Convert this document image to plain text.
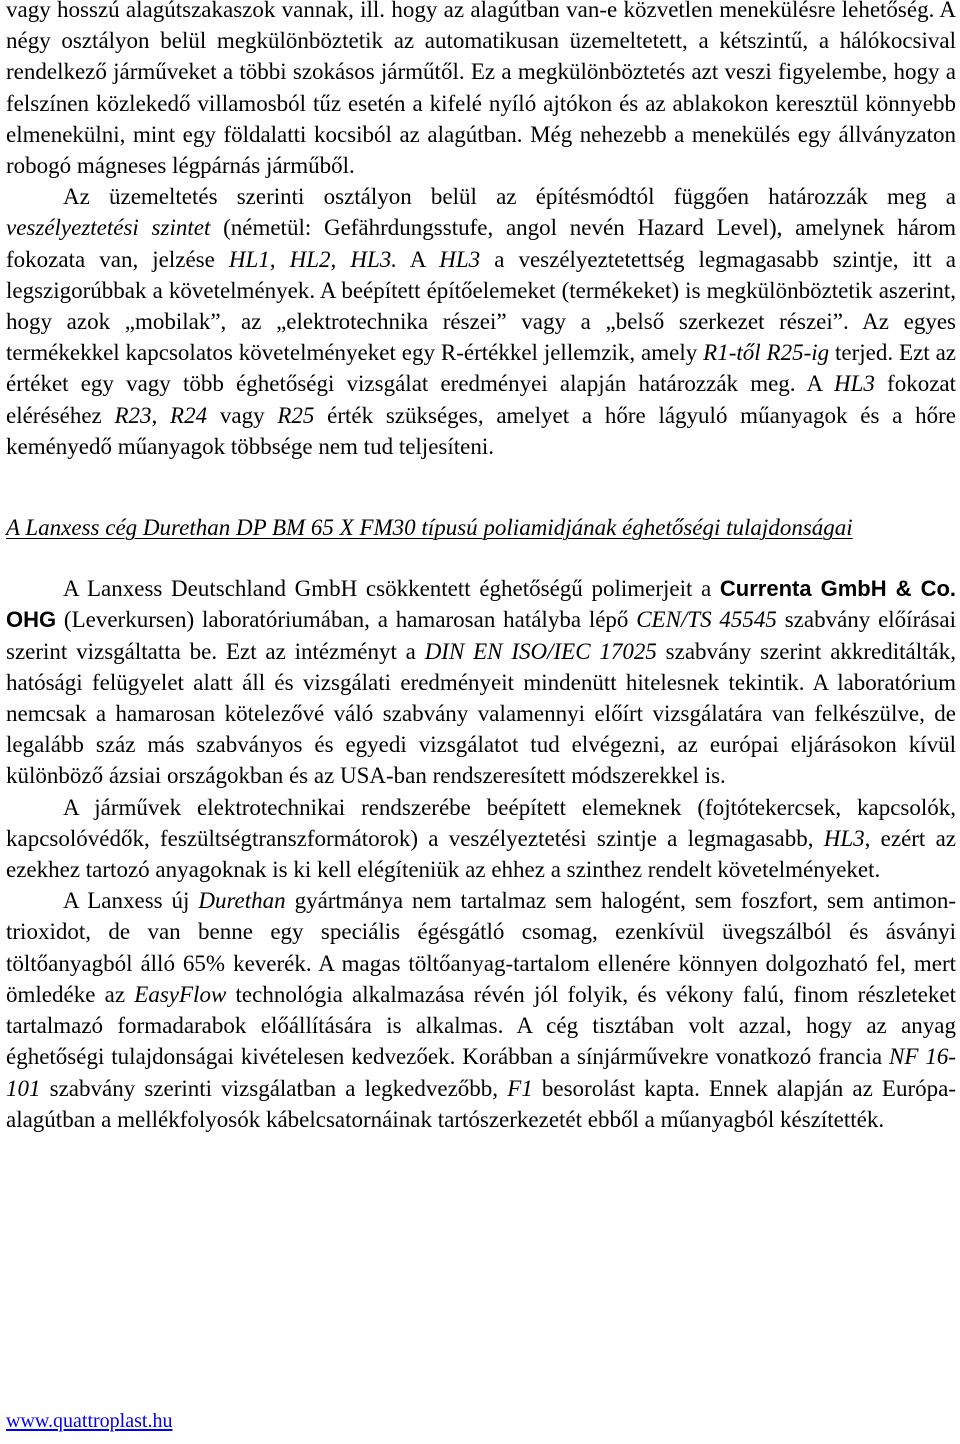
vagy hosszú alagútszakaszok vannak, ill. hogy az alagútban van-e közvetlen menekülésre lehetőség. A négy osztályon belül megkülönböztetik az automatikusan üzemeltetett, a kétszintű, a hálókocsival rendelkező járműveket a többi szokásos járműtől. Ez a megkülönböztetés azt veszi figyelembe, hogy a felszínen közlekedő villamosból tűz esetén a kifelé nyíló ajtókon és az ablakokon keresztül könnyebb elmenekülni, mint egy földalatti kocsiból az alagútban. Még nehezebb a menekülés egy állványzaton robogó mágneses légpárnás járműből.

Az üzemeltetés szerinti osztályon belül az építésmódtól függően határozzák meg a veszélyeztetési szintet (németül: Gefährdungsstufe, angol nevén Hazard Level), amelynek három fokozata van, jelzése HL1, HL2, HL3. A HL3 a veszélyeztetettség legmagasabb szintje, itt a legszigorúbbak a követelmények. A beépített építőelemeket (termékeket) is megkülönböztetik aszerint, hogy azok „mobilak”, az „elektrotechnika részei” vagy a „belső szerkezet részei”. Az egyes termékekkel kapcsolatos követelményeket egy R-értékkel jellemzik, amely R1-től R25-ig terjed. Ezt az értéket egy vagy több éghetőségi vizsgálat eredményei alapján határozzák meg. A HL3 fokozat eléréséhez R23, R24 vagy R25 érték szükséges, amelyet a hőre lágyuló műanyagok és a hőre keményedő műanyagok többsége nem tud teljesíteni.

A Lanxess cég Durethan DP BM 65 X FM30 típusú poliamidjának éghetőségi tulajdonságai

A Lanxess Deutschland GmbH csökkentett éghetőségű polimerjeit a Currenta GmbH & Co. OHG (Leverkursen) laboratóriumában, a hamarosan hatályba lépő CEN/TS 45545 szabvány előírásai szerint vizsgáltatta be. Ezt az intézményt a DIN EN ISO/IEC 17025 szabvány szerint akkreditálták, hatósági felügyelet alatt áll és vizsgálati eredményeit mindenütt hitelesnek tekintik. A laboratórium nemcsak a hamarosan kötelezővé váló szabvány valamennyi előírt vizsgálatára van felkészülve, de legalább száz más szabványos és egyedi vizsgálatot tud elvégezni, az európai eljárásokon kívül különböző ázsiai országokban és az USA-ban rendszeresített módszerekkel is.

A járművek elektrotechnikai rendszerébe beépített elemeknek (fojtótekercsek, kapcsolók, kapcsolóvédők, feszültségtranszformátorok) a veszélyeztetési szintje a legmagasabb, HL3, ezért az ezekhez tartozó anyagoknak is ki kell elégíteniük az ehhez a szinthez rendelt követelményeket.

A Lanxess új Durethan gyártmánya nem tartalmaz sem halogént, sem foszfort, sem antimon-trioxidot, de van benne egy speciális égésgátló csomag, ezenkívül üvegszálból és ásványi töltőanyagból álló 65% keverék. A magas töltőanyag-tartalom ellenére könnyen dolgozható fel, mert ömledéke az EasyFlow technológia alkalmazása révén jól folyik, és vékony falú, finom részleteket tartalmazó formadarabok előállítására is alkalmas. A cég tisztában volt azzal, hogy az anyag éghetőségi tulajdonságai kivételesen kedvezőek. Korábban a sínjárművekre vonatkozó francia NF 16-101 szabvány szerinti vizsgálatban a legkedvezőbb, F1 besorolást kapta. Ennek alapján az Európa-alagútban a mellékfolyosók kábelcsatornáinak tartószerkezetét ebből a műanyagból készítették.

www.quattroplast.hu
